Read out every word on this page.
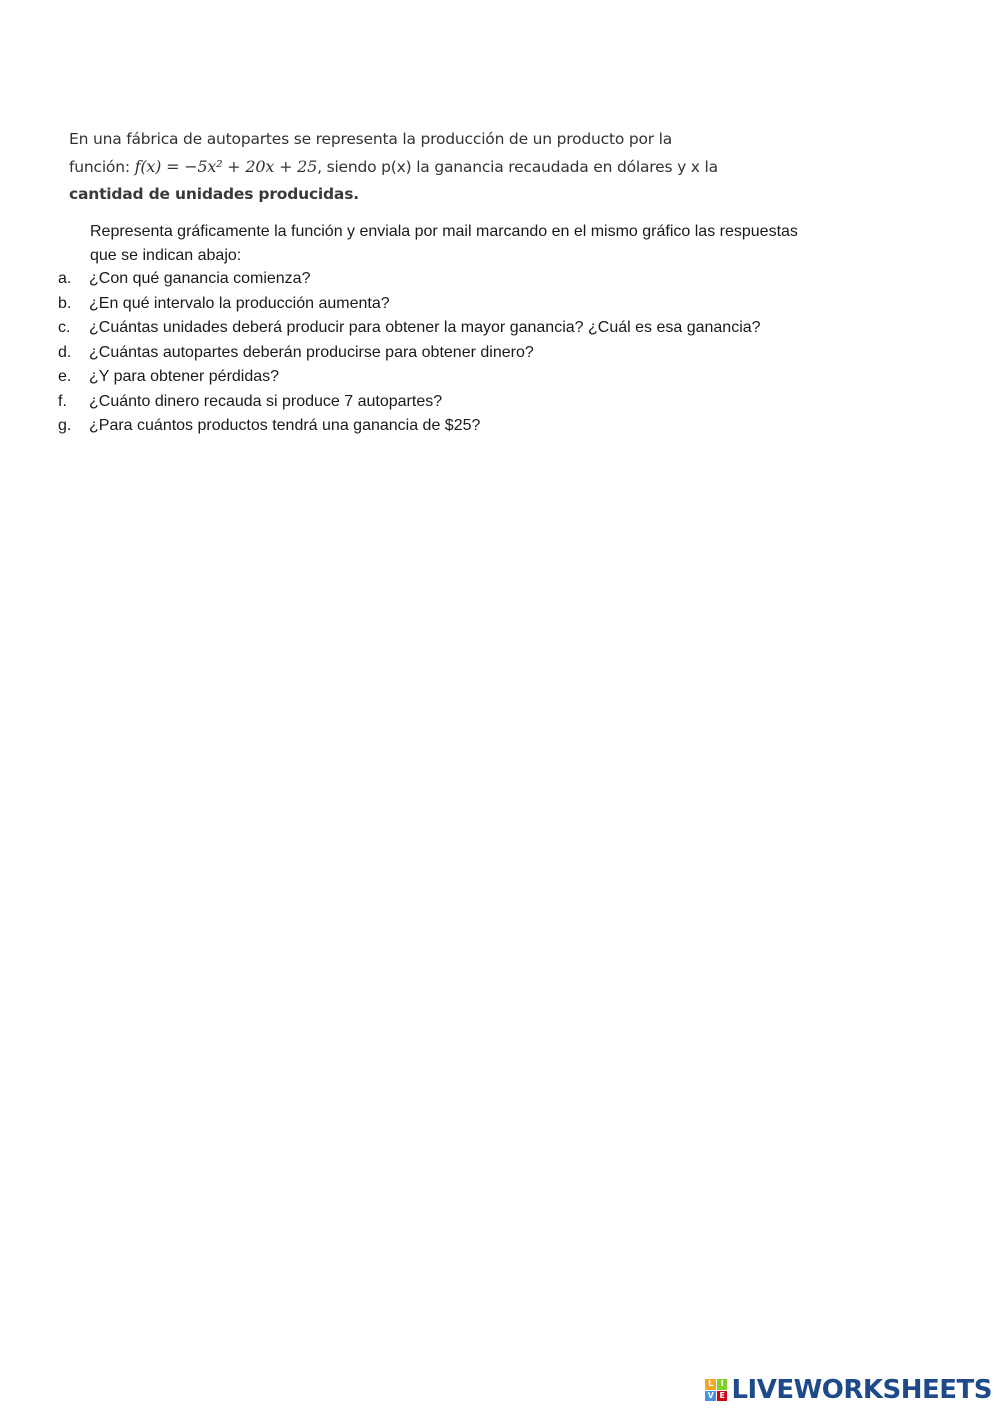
En una fábrica de autopartes se representa la producción de un producto por la
función: f(x) = −5x² + 20x + 25, siendo p(x) la ganancia recaudada en dólares y x la
cantidad de unidades producidas.
Representa gráficamente la función y enviala por mail marcando en el mismo gráfico las respuestas
que se indican abajo:
a.	¿Con qué ganancia comienza?
b.	¿En qué intervalo la producción aumenta?
c.	¿Cuántas unidades deberá producir para obtener la mayor ganancia? ¿Cuál es esa ganancia?
d.	¿Cuántas autopartes deberán producirse para obtener dinero?
e.	¿Y para obtener pérdidas?
f.	¿Cuánto dinero recauda si produce 7 autopartes?
g.	¿Para cuántos productos tendrá una ganancia de $25?
L I
V E LIVEWORKSHEETS
